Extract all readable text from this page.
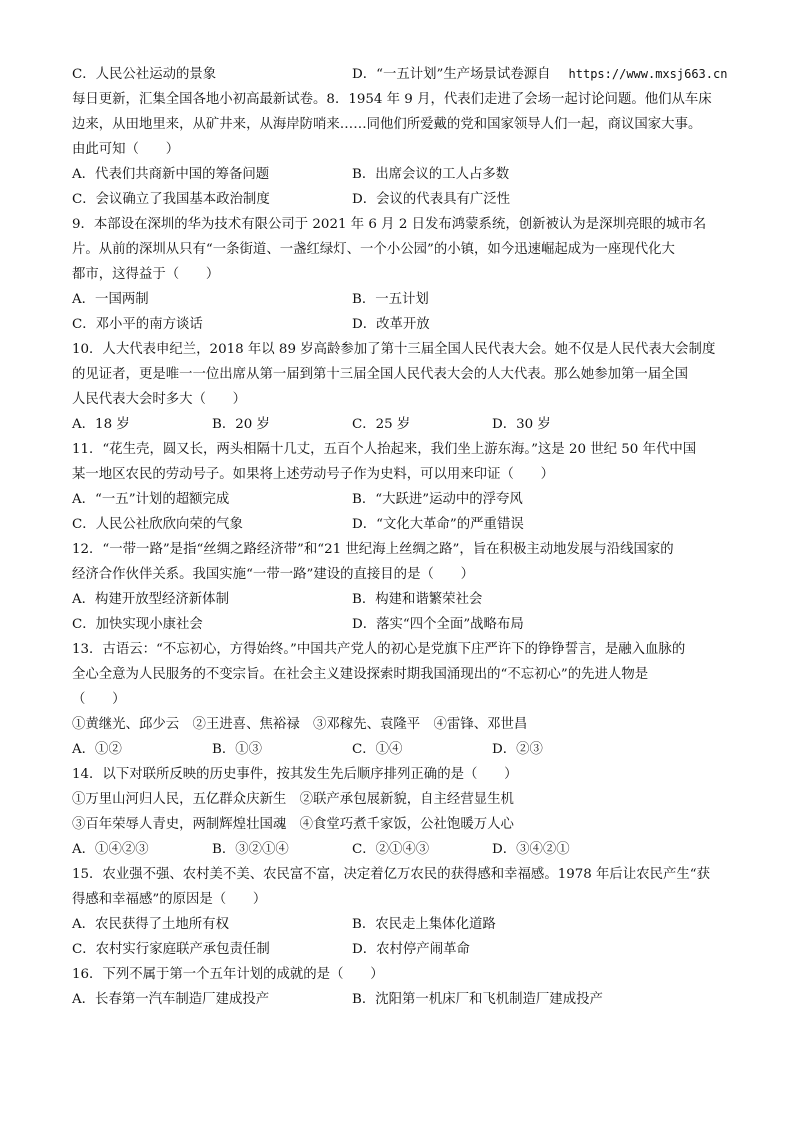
C．人民公社运动的景象	D．“一五计划”生产场景试卷源自 https://www.mxsj663.cn
每日更新，汇集全国各地小初高最新试卷。8．1954 年 9 月，代表们走进了会场一起讨论问题。他们从车床
边来，从田地里来，从矿井来，从海岸防哨来……同他们所爱戴的党和国家领导人们一起，商议国家大事。
由此可知（　　）
A．代表们共商新中国的筹备问题	B．出席会议的工人占多数
C．会议确立了我国基本政治制度	D．会议的代表具有广泛性
9．本部设在深圳的华为技术有限公司于 2021 年 6 月 2 日发布鸿蒙系统，创新被认为是深圳亮眼的城市名
片。从前的深圳从只有“一条街道、一盏红绿灯、一个小公园”的小镇，如今迅速崛起成为一座现代化大
都市，这得益于（　　）
A．一国两制	B．一五计划
C．邓小平的南方谈话	D．改革开放
10．人大代表申纪兰，2018 年以 89 岁高龄参加了第十三届全国人民代表大会。她不仅是人民代表大会制度
的见证者，更是唯一一位出席从第一届到第十三届全国人民代表大会的人大代表。那么她参加第一届全国
人民代表大会时多大（　　）
A．18 岁	B．20 岁	C．25 岁	D．30 岁
11．“花生壳，圆又长，两头相隔十几丈，五百个人抬起来，我们坐上游东海。”这是 20 世纪 50 年代中国
某一地区农民的劳动号子。如果将上述劳动号子作为史料，可以用来印证（　　）
A．“一五”计划的超额完成	B．“大跃进”运动中的浮夸风
C．人民公社欣欣向荣的气象	D．“文化大革命”的严重错误
12．“一带一路”是指“丝绸之路经济带”和“21 世纪海上丝绸之路”，旨在积极主动地发展与沿线国家的
经济合作伙伴关系。我国实施“一带一路”建设的直接目的是（　　）
A．构建开放型经济新体制	B．构建和谐繁荣社会
C．加快实现小康社会	D．落实“四个全面”战略布局
13．古语云：“不忘初心，方得始终。”中国共产党人的初心是党旗下庄严许下的铮铮誓言，是融入血脉的
全心全意为人民服务的不变宗旨。在社会主义建设探索时期我国涌现出的“不忘初心”的先进人物是
（　　）
①黄继光、邱少云　②王进喜、焦裕禄　③邓稼先、袁隆平　④雷锋、邓世昌
A．①②	B．①③	C．①④	D．②③
14．以下对联所反映的历史事件，按其发生先后顺序排列正确的是（　　）
①万里山河归人民，五亿群众庆新生　②联产承包展新貌，自主经营显生机
③百年荣辱人青史，两制辉煌壮国魂　④食堂巧煮千家饭，公社饱暖万人心
A．①④②③	B．③②①④	C．②①④③	D．③④②①
15．农业强不强、农村美不美、农民富不富，决定着亿万农民的获得感和幸福感。1978 年后让农民产生“获
得感和幸福感”的原因是（　　）
A．农民获得了土地所有权	B．农民走上集体化道路
C．农村实行家庭联产承包责任制	D．农村停产闹革命
16．下列不属于第一个五年计划的成就的是（　　）
A．长春第一汽车制造厂建成投产	B．沈阳第一机床厂和飞机制造厂建成投产
